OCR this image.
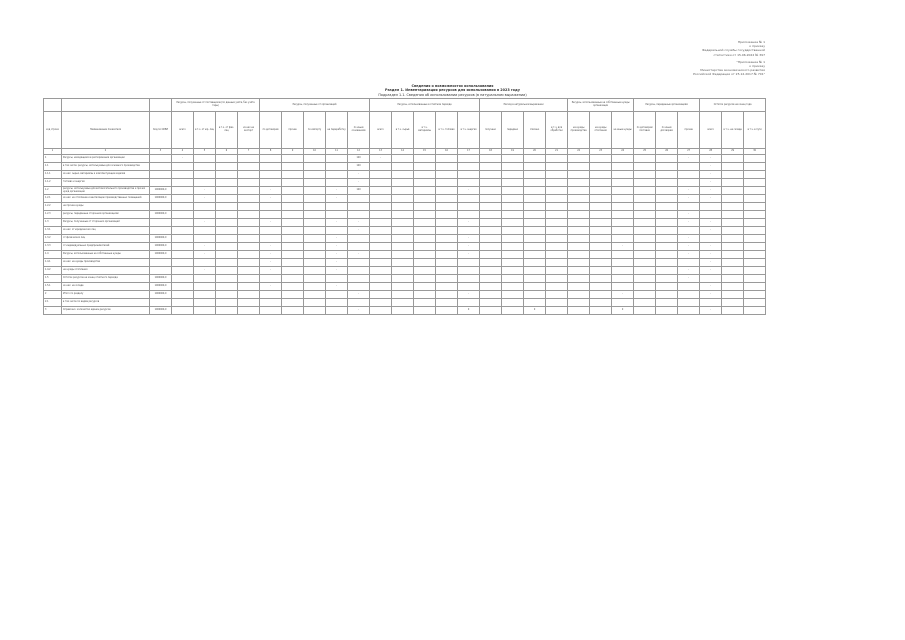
Приложение № 1
к приказу
Федеральной службы государственной
статистики от 15.06.2022 № 397
"Приложение № 1
к приказу
Министерства экономического развития
Российской Федерации от 25.12.2017 № 701"
Сведения о возможностях использования
Раздел 1. Инвентаризация ресурсов для использования в 2023 году
Подраздел 1.1. Сведения об использовании ресурсов (в натуральном выражении)
			Ресурсы, полученные от поставщиков (по данным учёта, без учёта тары)				Ресурсы, полученные от организаций					Ресурсы, использованные в отчётном периоде					Расход в натуральном выражении				Ресурсы, использованные на собственные нужды организации			Ресурсы, переданные организациям			Остаток ресурсов на конец года		
код строки	Наименование показателя	Код по ОКЕИ	всего	в т.ч. от юр. лиц	в т.ч. от физ. лиц	из них на экспорт	по договорам	прочие	по импорту	на переработку	по иным основаниям	всего	в т.ч. сырьё	в т.ч. материалы	в т.ч. топливо	в т.ч. энергия	получено	передано	списано	в т.ч. для обработки	на нужды производства	на нужды отопления	на иные нужды	по договорам поставки	по иным договорам	прочие	всего	в т.ч. на складе	в т.ч. в пути
1	2	3	4	5	6	7	8	9	10	11	12	13	14	15	16	17	18	19	20	21	22	23	24	25	26	27	28	29	30
1	Ресурсы, находящиеся в распоряжении организации		-								120	-														-	-		
1.1	в том числе: ресурсы, используемые для основного производства										120																-		
1.1.1	из них: сырьё, материалы и комплектующие изделия										-																-		
1.1.2	топливо и энергия										-																-		
1.2	ресурсы, используемые для вспомогательного производства и прочих нужд организации	1000000,0		-			-			-	120					-										-	-		
1.2.1	из них: на отопление и вентиляцию производственных помещений	1000000,0		-			-			-																-	-		
1.2.2	на прочие нужды																												
1.2.3	ресурсы, переданные сторонним организациям	1000000,0																								-			
1.3	Ресурсы, полученные от сторонних организаций			-			-			-	-					-										-	-		
1.3.1	из них: от юридических лиц										-																-		
1.3.2	от физических лиц	1000000,0								-						-										-			
1.3.3	от индивидуальных предпринимателей	1000000,0		-			-			-						-							-			-	-		
1.4	Ресурсы, использованные на собственные нужды	1000000,0		-			-			-	-					-										-	-		
1.4.1	из них: на нужды производства						-			-																	-		
1.4.2	на нужды отопления			-			-			-																-	-		
1.5	Остаток ресурсов на конец отчётного периода	1000000,0																								-			
1.5.1	из них: на складе	1000000,0					-			-																	-		
2	Итого по разделу	1000000,0									-					-							-				-		
2.1	в том числе по видам ресурсов																												
3	Справочно: количество единиц ресурсов	1000000,0									-					0			0				0				-		
